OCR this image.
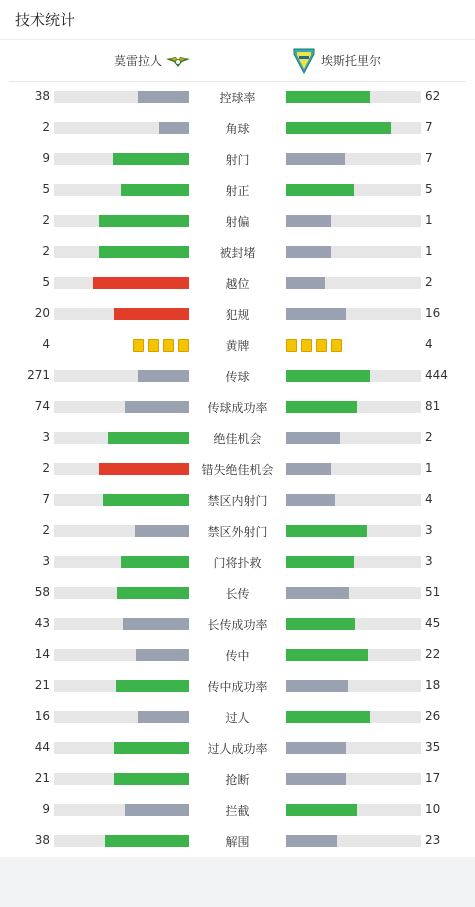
技术统计
莫雷拉人	埃斯托里尔
38	控球率	62
2	角球	7
9	射门	7
5	射正	5
2	射偏	1
2	被封堵	1
5	越位	2
20	犯规	16
4	黄牌	4
271	传球	444
74	传球成功率	81
3	绝佳机会	2
2	错失绝佳机会	1
7	禁区内射门	4
2	禁区外射门	3
3	门将扑救	3
58	长传	51
43	长传成功率	45
14	传中	22
21	传中成功率	18
16	过人	26
44	过人成功率	35
21	抢断	17
9	拦截	10
38	解围	23
